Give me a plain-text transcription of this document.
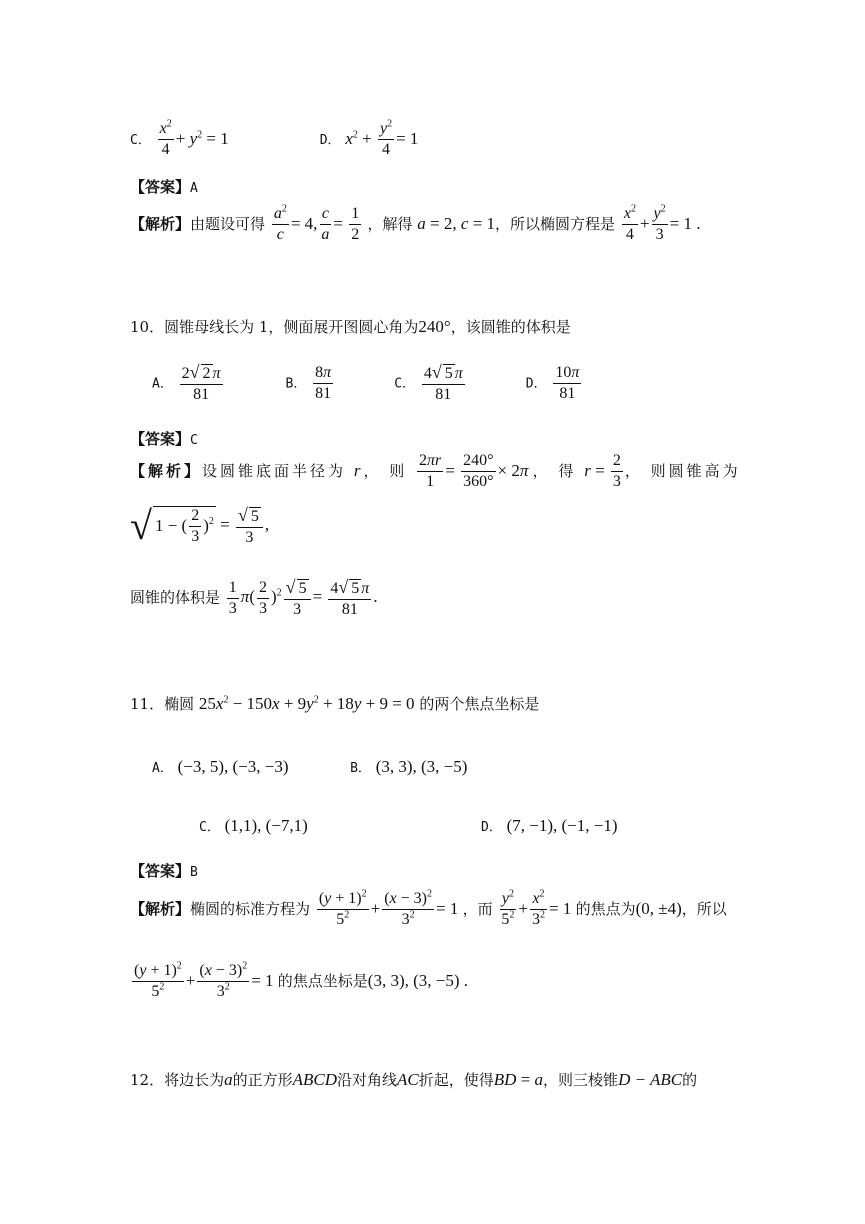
C． $\frac{x^2}{4} + y^2 = 1$	D． $x^2 + \frac{y^2}{4} = 1$
【答案】A
【解析】由题设可得 $\frac{a^2}{c} = 4$, $\frac{c}{a} = \frac{1}{2}$ ，解得 a = 2, c = 1，所以椭圆方程是 $\frac{x^2}{4} + \frac{y^2}{3} = 1$ .
10．圆锥母线长为 1，侧面展开图圆心角为240°，该圆锥的体积是
A． $\frac{2√ 2 \pi}{81}$	B． $\frac{8\pi}{81}$	C． $\frac{4√ 5 \pi}{81}$	D． $\frac{10\pi}{81}$
【答案】C
【解析】设圆锥底面半径为 r， 则 $\frac{2\pi r}{1} = \frac{240^\circ}{360^\circ} \times 2\pi$ ， 得 $r = \frac{2}{3}$ ， 则圆锥高为
√ 1 − ( $\frac{2}{3} )^2 = \frac{√ 5}{3}$ ,
圆锥的体积是 $\frac{1}{3} \pi( \frac{2}{3} )^2 \frac{√ 5}{3} = \frac{4√ 5 \pi}{81}$ .
11．椭圆 $25x^2 - 150x + 9y^2 + 18y + 9 = 0$ 的两个焦点坐标是
A． (−3, 5), (−3, −3)	B． (3, 3), (3, −5)
C． (1,1), (−7,1)	D． (7, −1), (−1, −1)
【答案】B
【解析】椭圆的标准方程为 $\frac{(y + 1)^2}{5^2} + \frac{(x - 3)^2}{3^2} = 1$ ，而 $\frac{y^2}{5^2} + \frac{x^2}{3^2} = 1$ 的焦点为(0, ±4)，所以
$\frac{(y + 1)^2}{5^2} + \frac{(x - 3)^2}{3^2} = 1$ 的焦点坐标是(3, 3), (3, −5) .
12．将边长为a的正方形ABCD沿对角线AC折起，使得BD = a，则三棱锥D − ABC的
